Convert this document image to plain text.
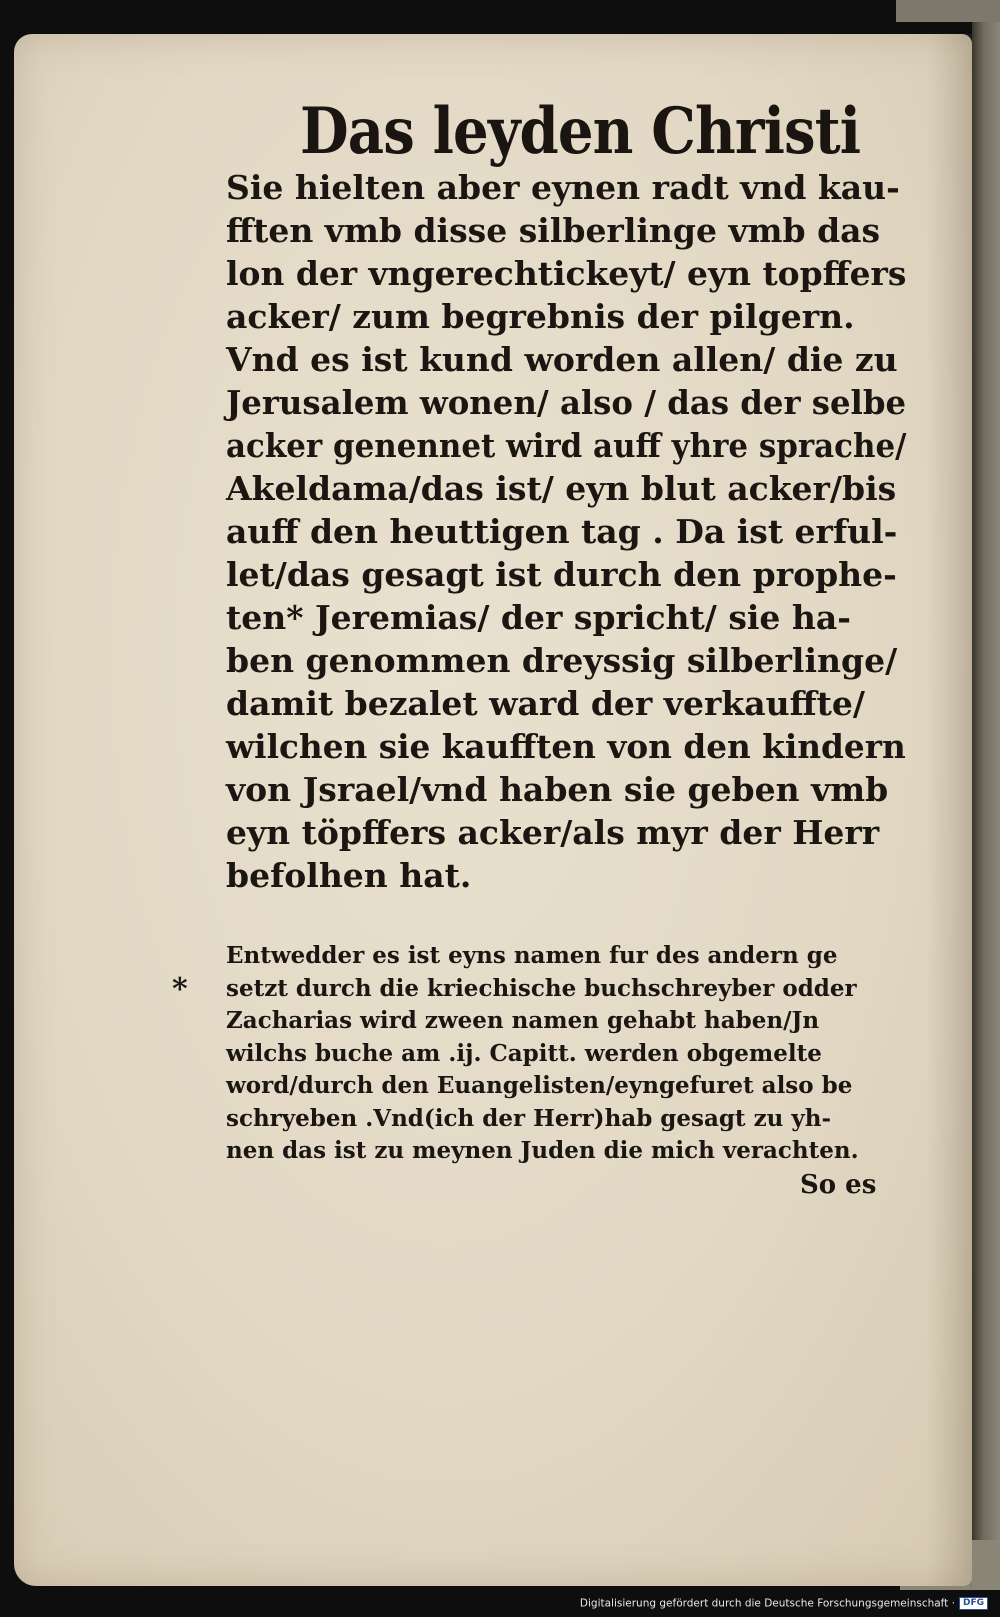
Das leyden Christi
Sie hielten aber eynen radt vnd kau-
fften vmb disse silberlinge vmb das
lon der vngerechtickeyt/ eyn topffers
acker/ zum begrebnis der pilgern.
Vnd es ist kund worden allen/ die zu
Jerusalem wonen/ also / das der selbe
acker genennet wird auff yhre sprache/
Akeldama/das ist/ eyn blut acker/bis
auff den heuttigen tag . Da ist erful-
let/das gesagt ist durch den prophe-
ten* Jeremias/ der spricht/ sie ha-
ben genommen dreyssig silberlinge/
damit bezalet ward der verkauffte/
wilchen sie kaufften von den kindern
von Jsrael/vnd haben sie geben vmb
eyn töpffers acker/als myr der Herr
befolhen hat.
*
Entwedder es ist eyns namen fur des andern ge
setzt durch die kriechische buchschreyber odder
Zacharias wird zween namen gehabt haben/Jn
wilchs buche am .ij. Capitt. werden obgemelte
word/durch den Euangelisten/eyngefuret also be
schryeben .Vnd(ich der Herr)hab gesagt zu yh-
nen das ist zu meynen Juden die mich verachten.
So es
Digitalisierung gefördert durch die Deutsche Forschungsgemeinschaft · DFG
